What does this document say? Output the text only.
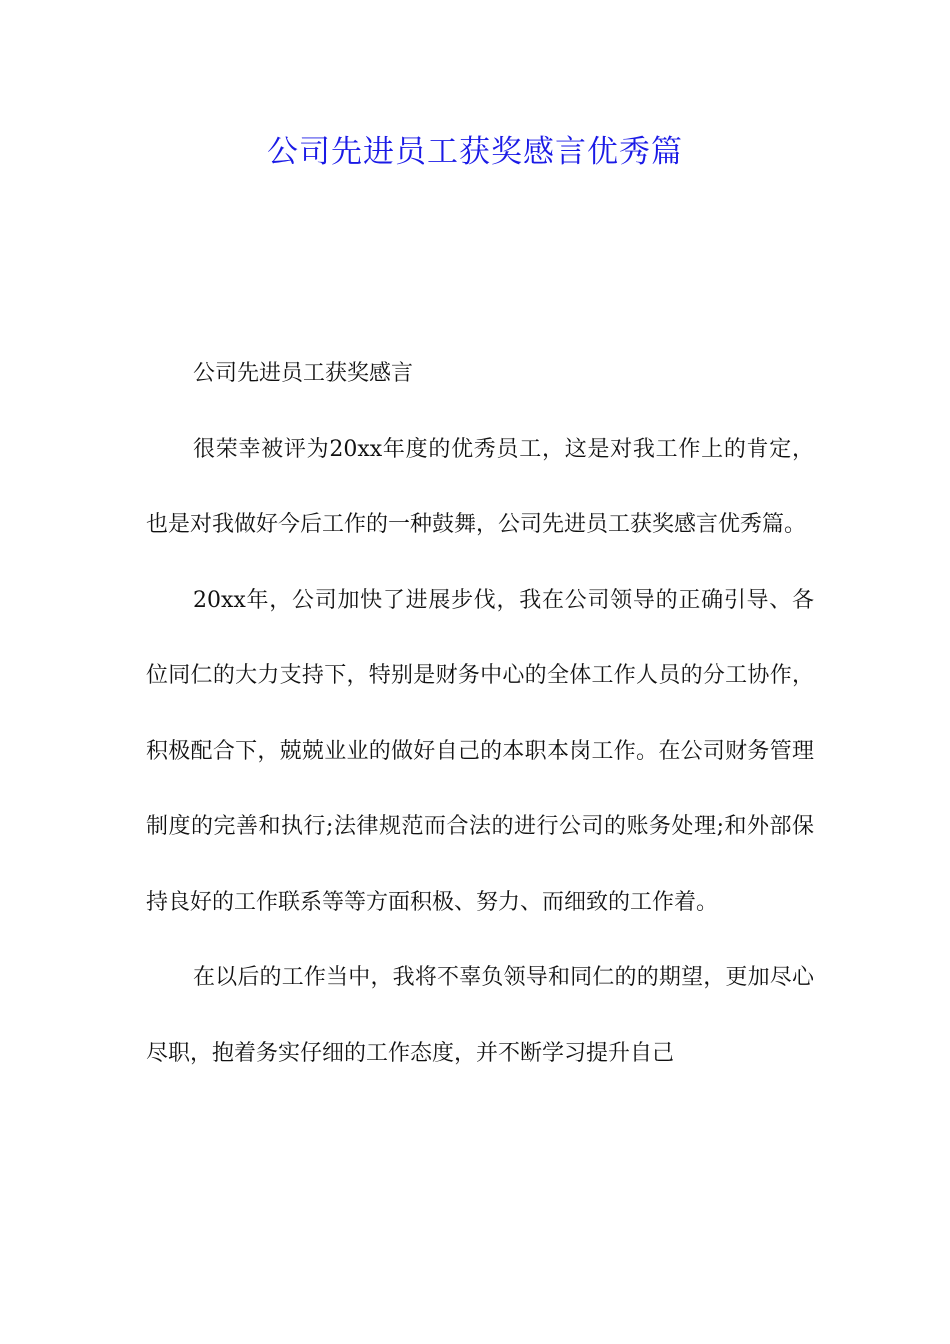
公司先进员工获奖感言优秀篇

公司先进员工获奖感言

很荣幸被评为20xx年度的优秀员工，这是对我工作上的肯定，也是对我做好今后工作的一种鼓舞，公司先进员工获奖感言优秀篇。

20xx年，公司加快了进展步伐，我在公司领导的正确引导、各位同仁的大力支持下，特别是财务中心的全体工作人员的分工协作，积极配合下，兢兢业业的做好自己的本职本岗工作。在公司财务管理制度的完善和执行;法律规范而合法的进行公司的账务处理;和外部保持良好的工作联系等等方面积极、努力、而细致的工作着。

在以后的工作当中，我将不辜负领导和同仁的的期望，更加尽心尽职，抱着务实仔细的工作态度，并不断学习提升自己
